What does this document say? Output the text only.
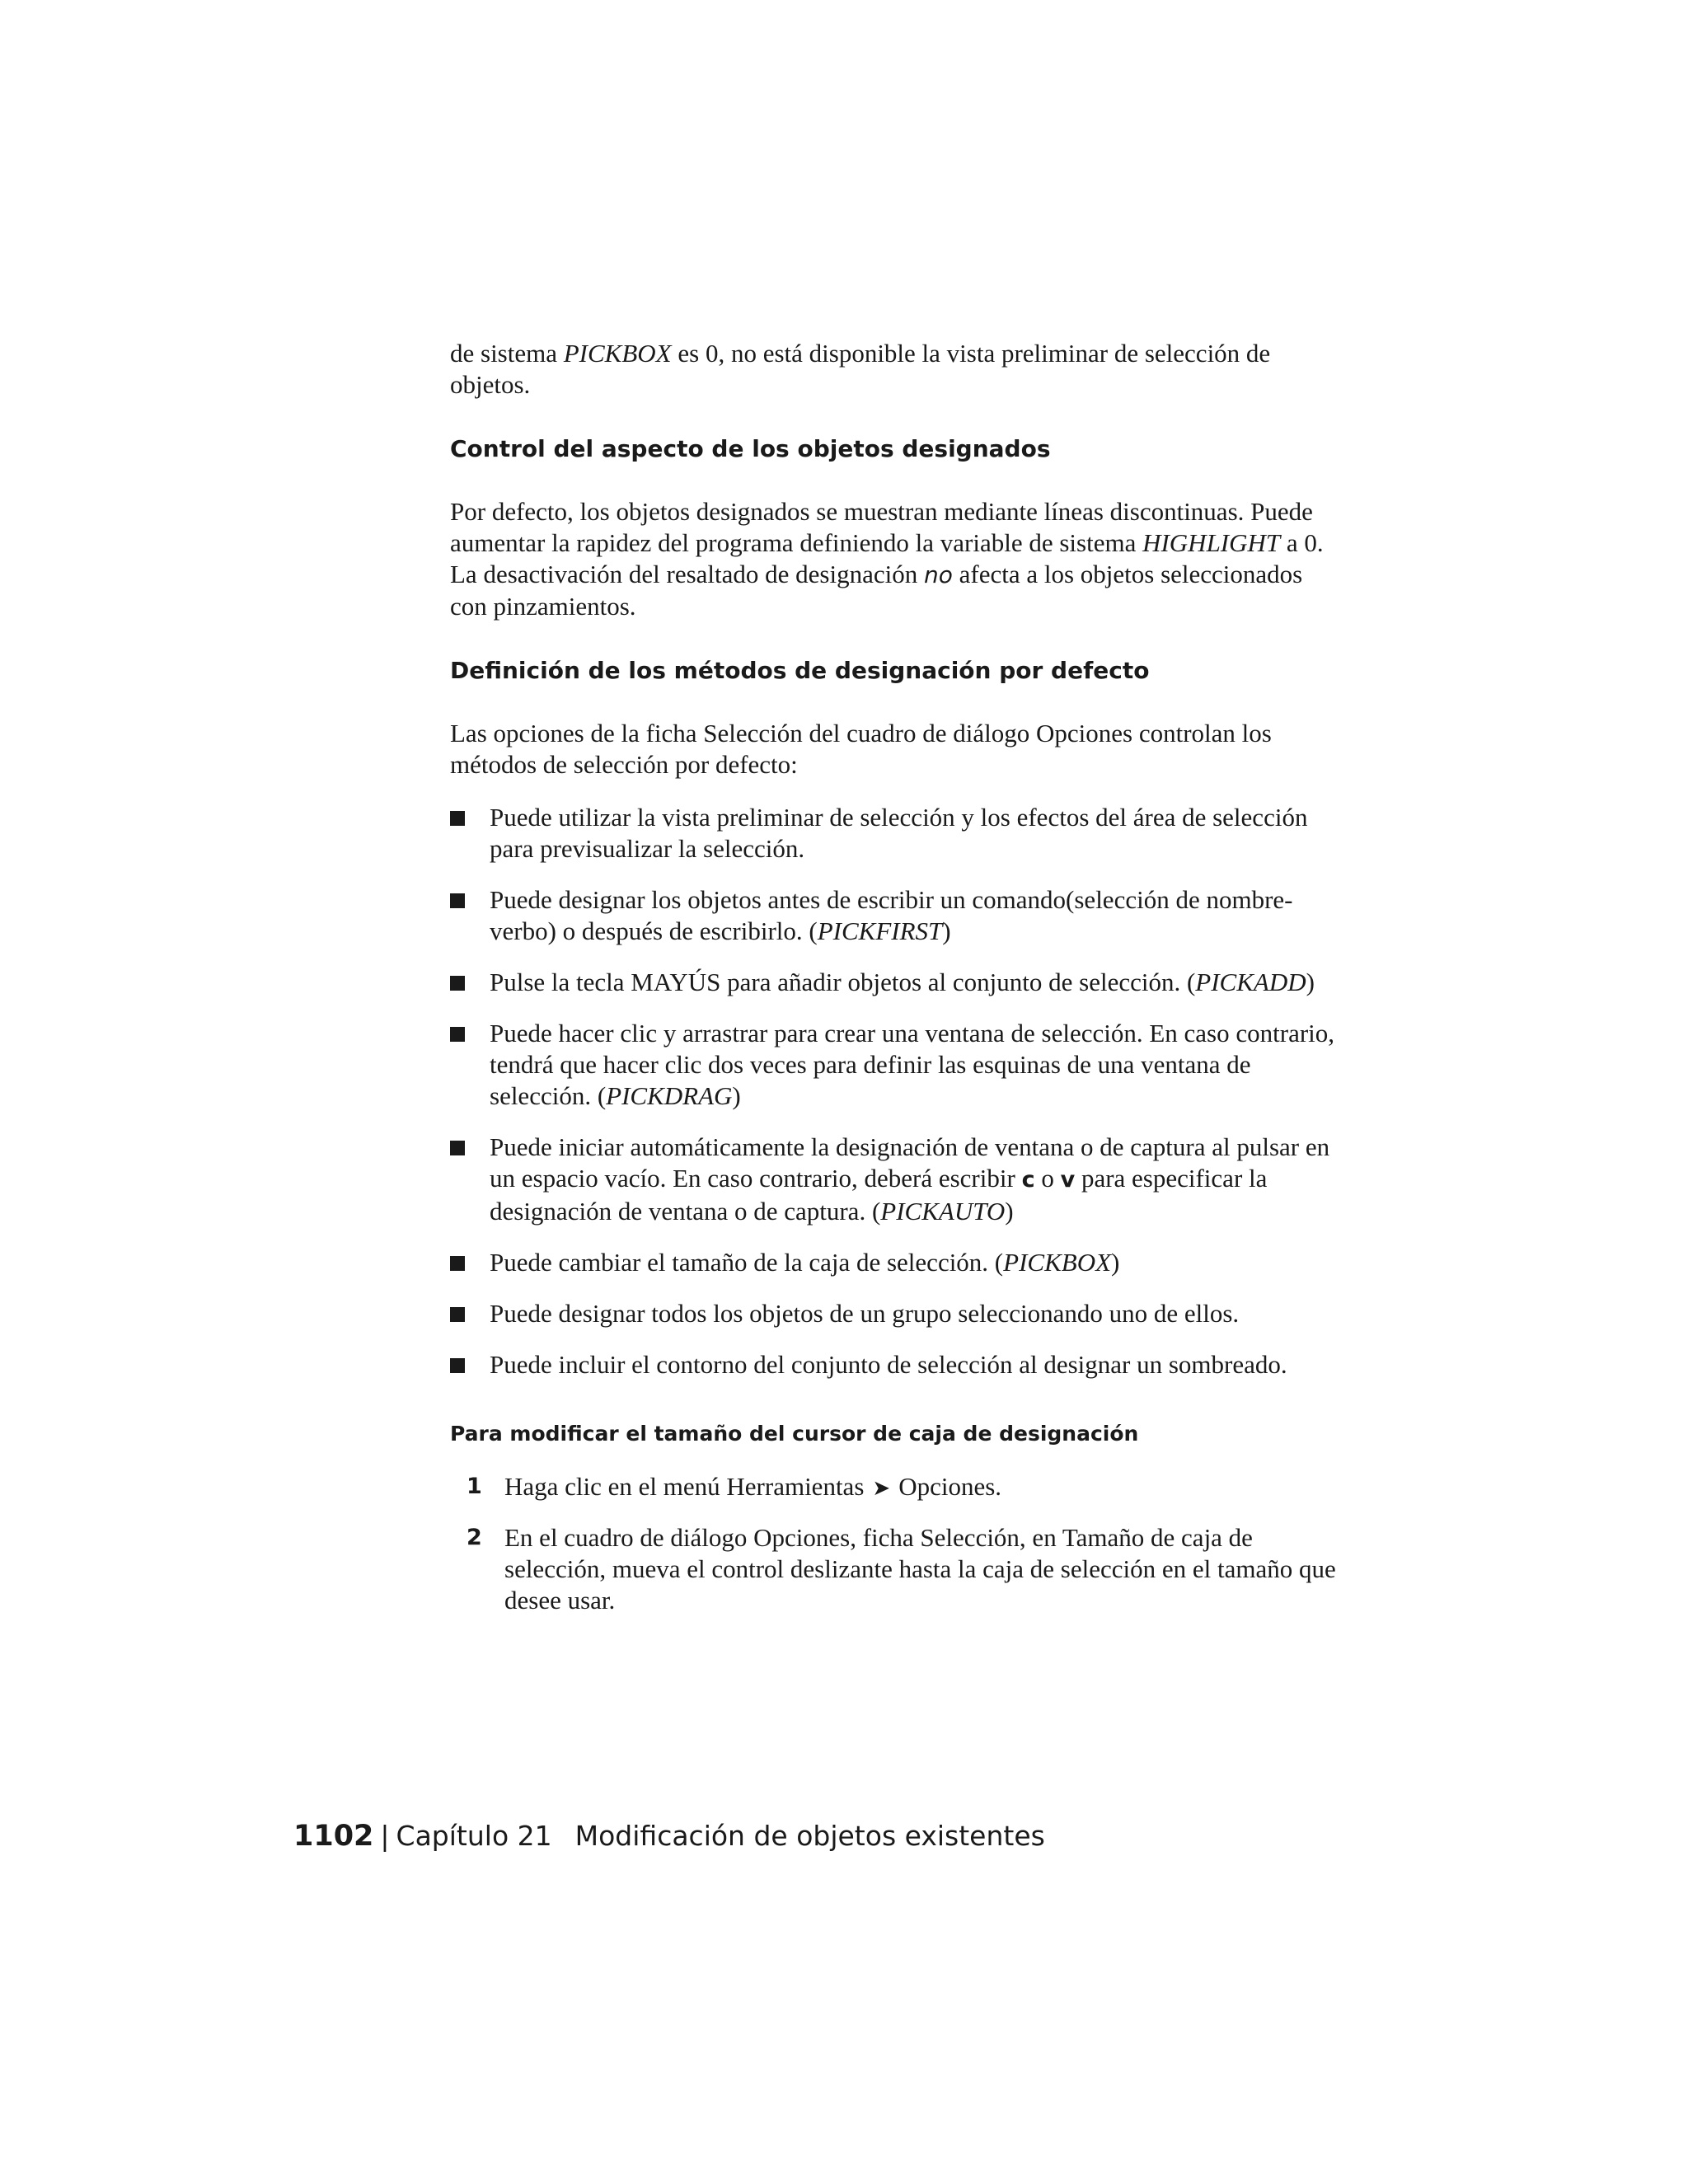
de sistema PICKBOX es 0, no está disponible la vista preliminar de selección de objetos.

Control del aspecto de los objetos designados

Por defecto, los objetos designados se muestran mediante líneas discontinuas. Puede aumentar la rapidez del programa definiendo la variable de sistema HIGHLIGHT a 0. La desactivación del resaltado de designación no afecta a los objetos seleccionados con pinzamientos.

Definición de los métodos de designación por defecto

Las opciones de la ficha Selección del cuadro de diálogo Opciones controlan los métodos de selección por defecto:

Puede utilizar la vista preliminar de selección y los efectos del área de selección para previsualizar la selección.
Puede designar los objetos antes de escribir un comando(selección de nombre-verbo) o después de escribirlo. (PICKFIRST)
Pulse la tecla MAYÚS para añadir objetos al conjunto de selección. (PICKADD)
Puede hacer clic y arrastrar para crear una ventana de selección. En caso contrario, tendrá que hacer clic dos veces para definir las esquinas de una ventana de selección. (PICKDRAG)
Puede iniciar automáticamente la designación de ventana o de captura al pulsar en un espacio vacío. En caso contrario, deberá escribir c o v para especificar la designación de ventana o de captura. (PICKAUTO)
Puede cambiar el tamaño de la caja de selección. (PICKBOX)
Puede designar todos los objetos de un grupo seleccionando uno de ellos.
Puede incluir el contorno del conjunto de selección al designar un sombreado.
Para modificar el tamaño del cursor de caja de designación
1 Haga clic en el menú Herramientas ➤ Opciones.
2 En el cuadro de diálogo Opciones, ficha Selección, en Tamaño de caja de selección, mueva el control deslizante hasta la caja de selección en el tamaño que desee usar.
1102 | Capítulo 21 Modificación de objetos existentes
